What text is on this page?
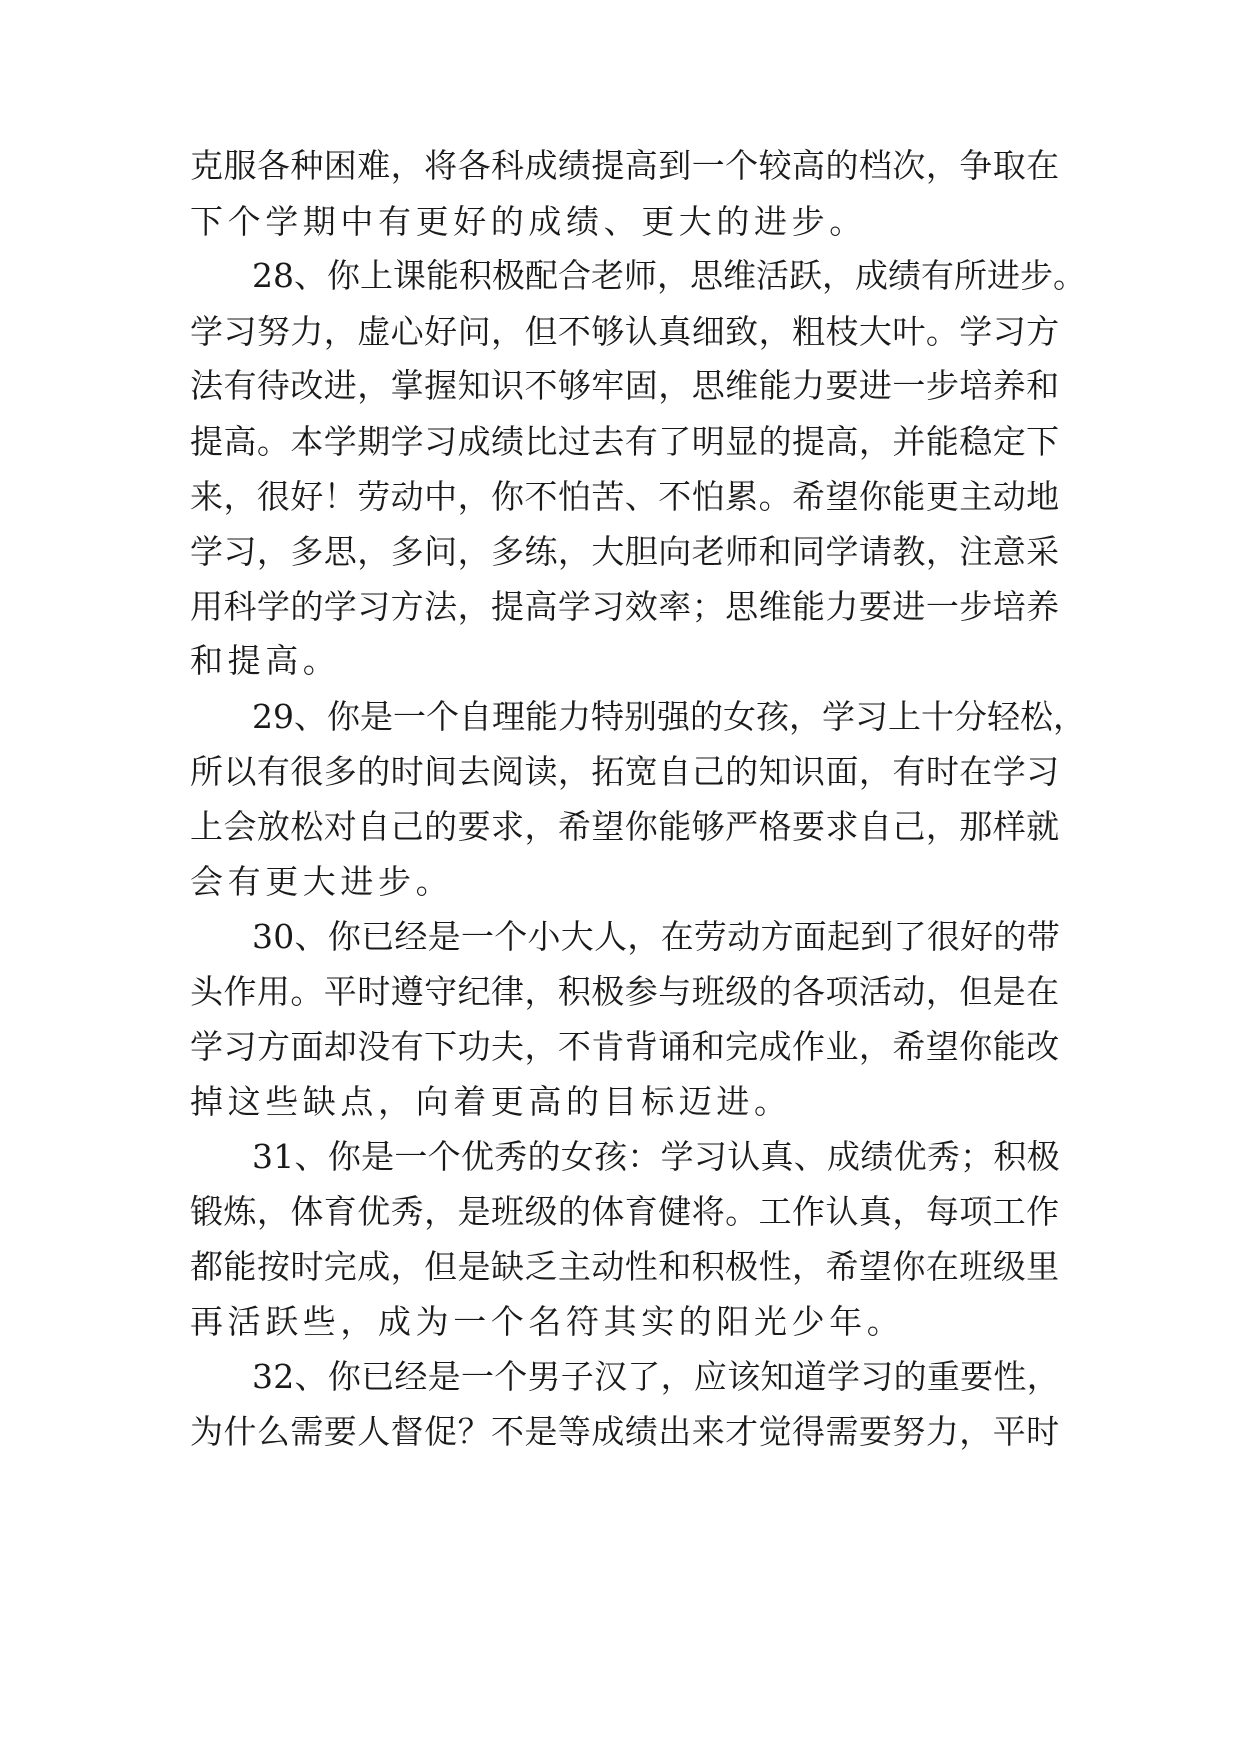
克服各种困难，将各科成绩提高到一个较高的档次，争取在

下个学期中有更好的成绩、更大的进步。

28、你上课能积极配合老师，思维活跃，成绩有所进步。

学习努力，虚心好问，但不够认真细致，粗枝大叶。学习方

法有待改进，掌握知识不够牢固，思维能力要进一步培养和

提高。本学期学习成绩比过去有了明显的提高，并能稳定下

来，很好！劳动中，你不怕苦、不怕累。希望你能更主动地

学习，多思，多问，多练，大胆向老师和同学请教，注意采

用科学的学习方法，提高学习效率；思维能力要进一步培养

和提高。

29、你是一个自理能力特别强的女孩，学习上十分轻松，

所以有很多的时间去阅读，拓宽自己的知识面，有时在学习

上会放松对自己的要求，希望你能够严格要求自己，那样就

会有更大进步。

30、你已经是一个小大人，在劳动方面起到了很好的带

头作用。平时遵守纪律，积极参与班级的各项活动，但是在

学习方面却没有下功夫，不肯背诵和完成作业，希望你能改

掉这些缺点，向着更高的目标迈进。

31、你是一个优秀的女孩：学习认真、成绩优秀；积极

锻炼，体育优秀，是班级的体育健将。工作认真，每项工作

都能按时完成，但是缺乏主动性和积极性，希望你在班级里

再活跃些，成为一个名符其实的阳光少年。

32、你已经是一个男子汉了，应该知道学习的重要性，

为什么需要人督促？不是等成绩出来才觉得需要努力，平时
